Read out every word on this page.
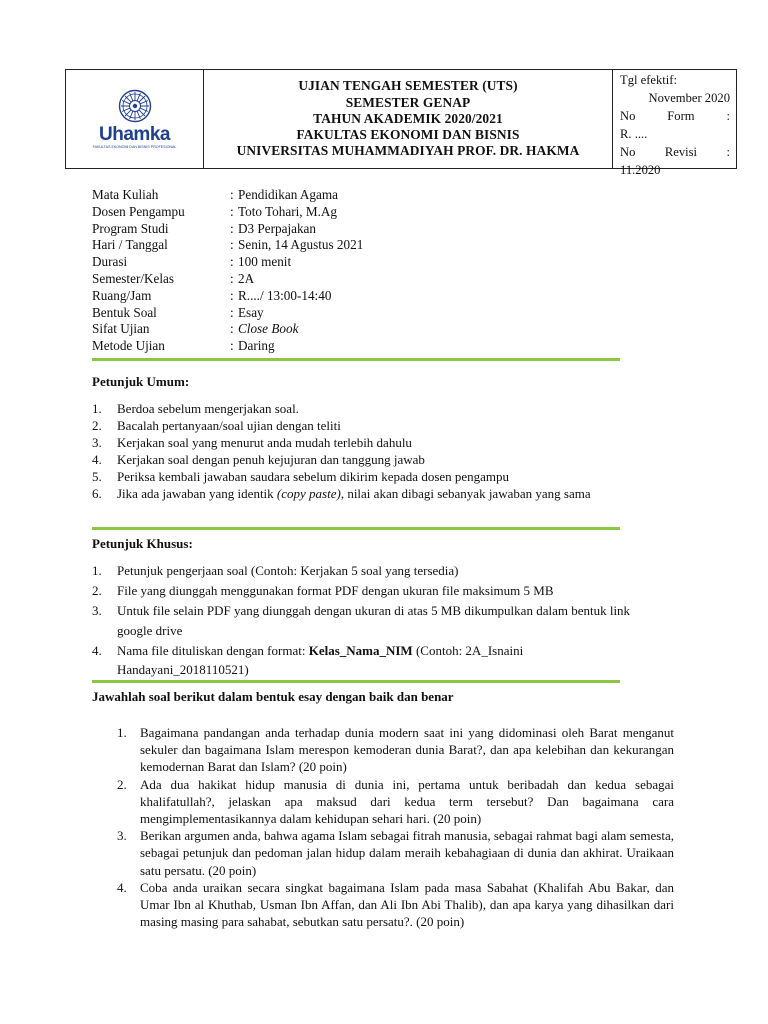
Uhamka
FAKULTAS EKONOMI DAN BISNIS PROFESIONAL
UJIAN TENGAH SEMESTER (UTS)
SEMESTER GENAP
TAHUN AKADEMIK 2020/2021
FAKULTAS EKONOMI DAN BISNIS
UNIVERSITAS MUHAMMADIYAH PROF. DR. HAKMA
Tgl efektif:
November 2020
No	Form	:
R. ....
No Revisi :
11.2020
Mata Kuliah	: Pendidikan Agama
Dosen Pengampu	: Toto Tohari, M.Ag
Program Studi	: D3 Perpajakan
Hari / Tanggal	: Senin, 14 Agustus 2021
Durasi	: 100 menit
Semester/Kelas	: 2A
Ruang/Jam	: R..../ 13:00-14:40
Bentuk Soal	: Esay
Sifat Ujian	: Close Book
Metode Ujian	: Daring
Petunjuk Umum:
1.	Berdoa sebelum mengerjakan soal.
2.	Bacalah pertanyaan/soal ujian dengan teliti
3.	Kerjakan soal yang menurut anda mudah terlebih dahulu
4.	Kerjakan soal dengan penuh kejujuran dan tanggung jawab
5.	Periksa kembali jawaban saudara sebelum dikirim kepada dosen pengampu
6.	Jika ada jawaban yang identik (copy paste), nilai akan dibagi sebanyak jawaban yang sama
Petunjuk Khusus:
1.	Petunjuk pengerjaan soal (Contoh: Kerjakan 5 soal yang tersedia)
2.	File yang diunggah menggunakan format PDF dengan ukuran file maksimum 5 MB
3.	Untuk file selain PDF yang diunggah dengan ukuran di atas 5 MB dikumpulkan dalam bentuk link google drive
4.	Nama file dituliskan dengan format: Kelas_Nama_NIM (Contoh: 2A_Isnaini Handayani_2018110521)
Jawahlah soal berikut dalam bentuk esay dengan baik dan benar
1.	Bagaimana pandangan anda terhadap dunia modern saat ini yang didominasi oleh Barat menganut sekuler dan bagaimana Islam merespon kemoderan dunia Barat?, dan apa kelebihan dan kekurangan kemodernan Barat dan Islam? (20 poin)
2.	Ada dua hakikat hidup manusia di dunia ini, pertama untuk beribadah dan kedua sebagai khalifatullah?, jelaskan apa maksud dari kedua term tersebut? Dan bagaimana cara mengimplementasikannya dalam kehidupan sehari hari. (20 poin)
3.	Berikan argumen anda, bahwa agama Islam sebagai fitrah manusia, sebagai rahmat bagi alam semesta, sebagai petunjuk dan pedoman jalan hidup dalam meraih kebahagiaan di dunia dan akhirat. Uraikaan satu persatu. (20 poin)
4.	Coba anda uraikan secara singkat bagaimana Islam pada masa Sabahat (Khalifah Abu Bakar, dan Umar Ibn al Khuthab, Usman Ibn Affan, dan Ali Ibn Abi Thalib), dan apa karya yang dihasilkan dari masing masing para sahabat, sebutkan satu persatu?. (20 poin)
